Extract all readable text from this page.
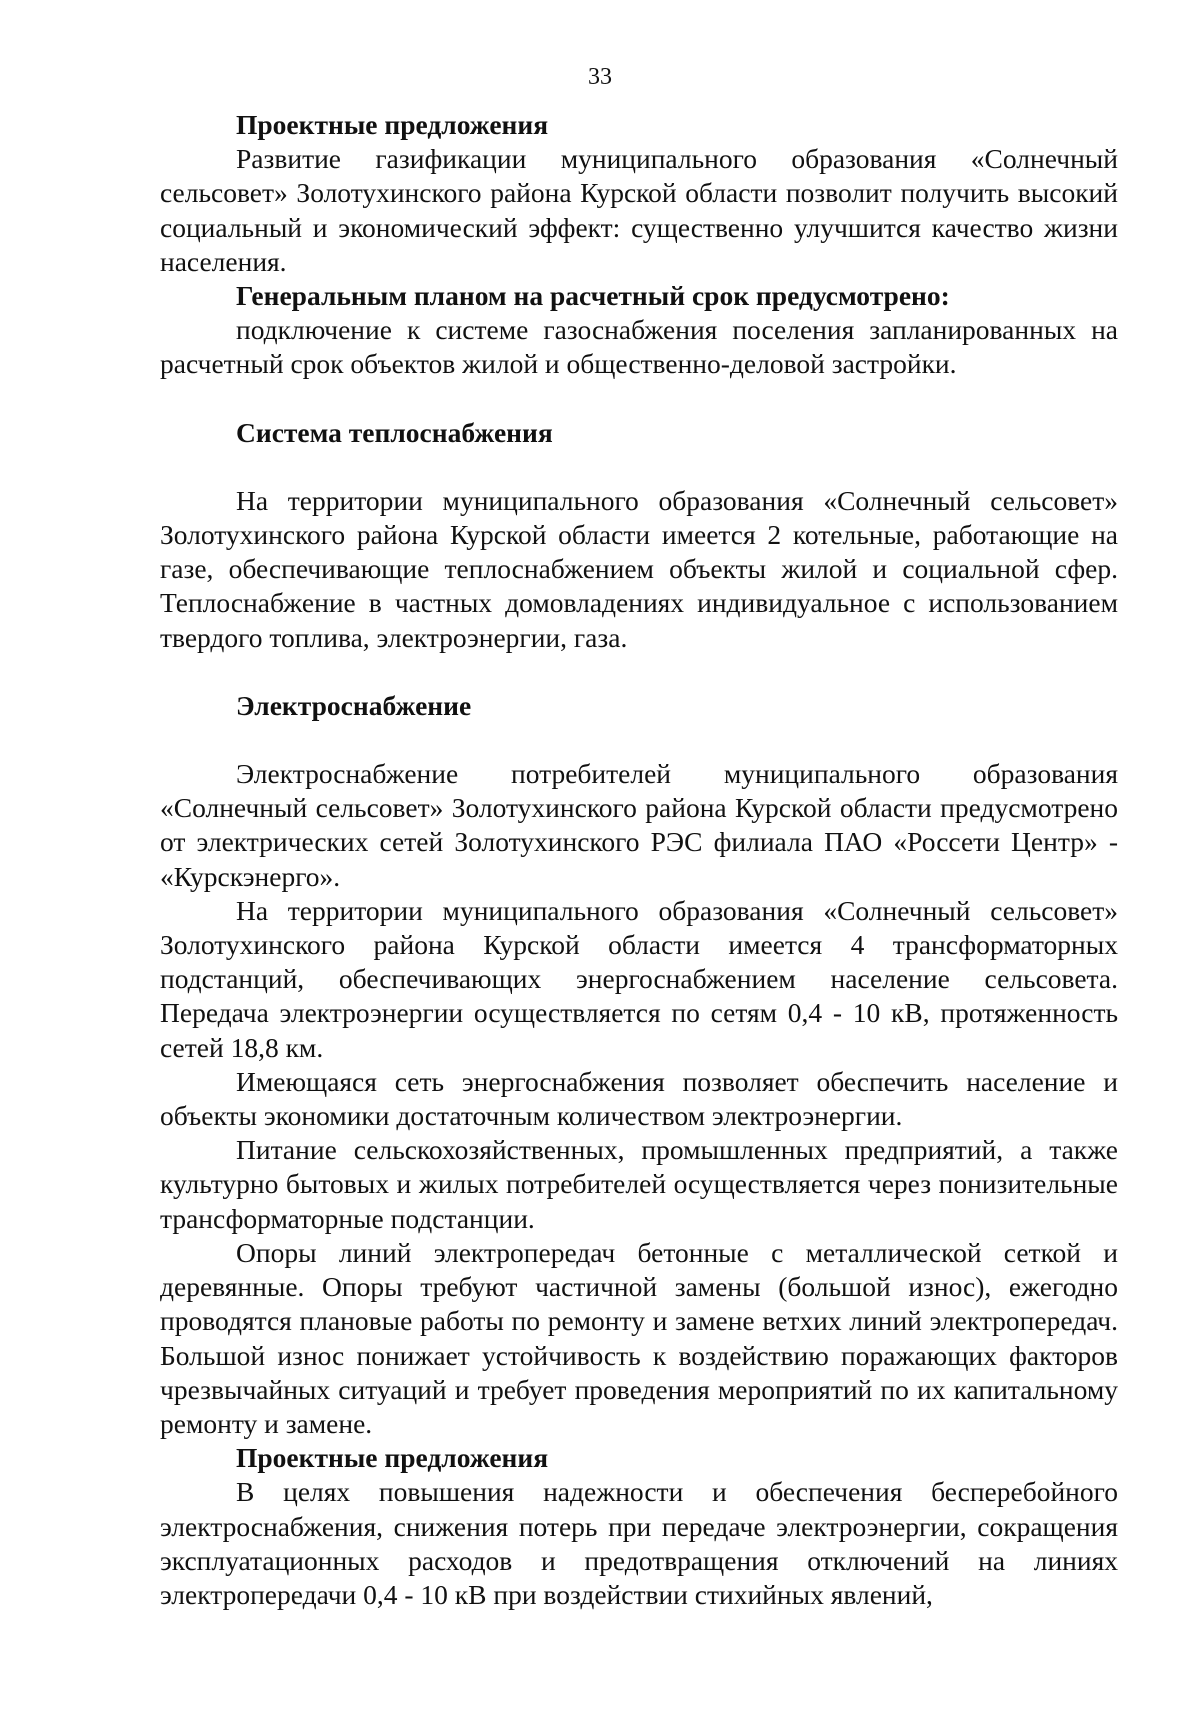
33

Проектные предложения

Развитие газификации муниципального образования «Солнечный сельсовет» Золотухинского района Курской области позволит получить высокий социальный и экономический эффект: существенно улучшится качество жизни населения.

Генеральным планом на расчетный срок предусмотрено:

подключение к системе газоснабжения поселения запланированных на расчетный срок объектов жилой и общественно-деловой застройки.

Система теплоснабжения

На территории муниципального образования «Солнечный сельсовет» Золотухинского района Курской области имеется 2 котельные, работающие на газе, обеспечивающие теплоснабжением объекты жилой и социальной сфер. Теплоснабжение в частных домовладениях индивидуальное с использованием твердого топлива, электроэнергии, газа.

Электроснабжение

Электроснабжение потребителей муниципального образования «Солнечный сельсовет» Золотухинского района Курской области предусмотрено от электрических сетей Золотухинского РЭС филиала ПАО «Россети Центр» - «Курскэнерго».

На территории муниципального образования «Солнечный сельсовет» Золотухинского района Курской области имеется 4 трансформаторных подстанций, обеспечивающих энергоснабжением население сельсовета. Передача электроэнергии осуществляется по сетям 0,4 - 10 кВ, протяженность сетей 18,8 км.

Имеющаяся сеть энергоснабжения позволяет обеспечить население и объекты экономики достаточным количеством электроэнергии.

Питание сельскохозяйственных, промышленных предприятий, а также культурно бытовых и жилых потребителей осуществляется через понизительные трансформаторные подстанции.

Опоры линий электропередач бетонные с металлической сеткой и деревянные. Опоры требуют частичной замены (большой износ), ежегодно проводятся плановые работы по ремонту и замене ветхих линий электропередач. Большой износ понижает устойчивость к воздействию поражающих факторов чрезвычайных ситуаций и требует проведения мероприятий по их капитальному ремонту и замене.

Проектные предложения

В целях повышения надежности и обеспечения бесперебойного электроснабжения, снижения потерь при передаче электроэнергии, сокращения эксплуатационных расходов и предотвращения отключений на линиях электропередачи 0,4 - 10 кВ при воздействии стихийных явлений,
